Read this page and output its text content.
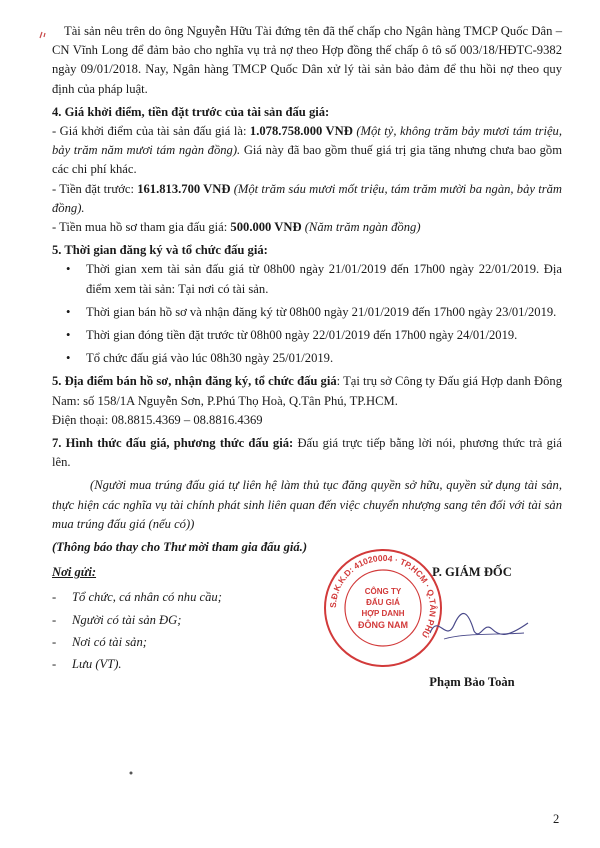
Tài sản nêu trên do ông Nguyễn Hữu Tài đứng tên đã thế chấp cho Ngân hàng TMCP Quốc Dân – CN Vĩnh Long để đảm bảo cho nghĩa vụ trả nợ theo Hợp đồng thế chấp ô tô số 003/18/HĐTC-9382 ngày 09/01/2018. Nay, Ngân hàng TMCP Quốc Dân xử lý tài sản bảo đảm để thu hồi nợ theo quy định của pháp luật.

4. Giá khởi điểm, tiền đặt trước của tài sản đấu giá:

- Giá khởi điểm của tài sản đấu giá là: 1.078.758.000 VNĐ (Một tỷ, không trăm bảy mươi tám triệu, bảy trăm năm mươi tám ngàn đồng). Giá này đã bao gồm thuế giá trị gia tăng nhưng chưa bao gồm các chi phí khác.

- Tiền đặt trước: 161.813.700 VNĐ (Một trăm sáu mươi mốt triệu, tám trăm mười ba ngàn, bảy trăm đồng).

- Tiền mua hồ sơ tham gia đấu giá: 500.000 VNĐ (Năm trăm ngàn đồng)

5. Thời gian đăng ký và tổ chức đấu giá:

• Thời gian xem tài sản đấu giá từ 08h00 ngày 21/01/2019 đến 17h00 ngày 22/01/2019. Địa điểm xem tài sản: Tại nơi có tài sản.
• Thời gian bán hồ sơ và nhận đăng ký từ 08h00 ngày 21/01/2019 đến 17h00 ngày 23/01/2019.
• Thời gian đóng tiền đặt trước từ 08h00 ngày 22/01/2019 đến 17h00 ngày 24/01/2019.
• Tổ chức đấu giá vào lúc 08h30 ngày 25/01/2019.

5. Địa điểm bán hồ sơ, nhận đăng ký, tổ chức đấu giá: Tại trụ sở Công ty Đấu giá Hợp danh Đông Nam: số 158/1A Nguyễn Sơn, P.Phú Thọ Hoà, Q.Tân Phú, TP.HCM.

Điện thoại: 08.8815.4369 – 08.8816.4369

7. Hình thức đấu giá, phương thức đấu giá: Đấu giá trực tiếp bằng lời nói, phương thức trả giá lên.

(Người mua trúng đấu giá tự liên hệ làm thủ tục đăng quyền sở hữu, quyền sử dụng tài sản, thực hiện các nghĩa vụ tài chính phát sinh liên quan đến việc chuyển nhượng sang tên đối với tài sản mua trúng đấu giá (nếu có))

(Thông báo thay cho Thư mời tham gia đấu giá.)

Nơi gửi:
- Tổ chức, cá nhân có nhu cầu;
- Người có tài sản ĐG;
- Nơi có tài sản;
- Lưu (VT).
S.Đ.K.K.D: 41020004 · TP.HCM · Q.TÂN PHÚ
CÔNG TY
ĐẤU GIÁ
HỢP DANH
ĐÔNG NAM
P. GIÁM ĐỐC
Phạm Bảo Toàn
2
